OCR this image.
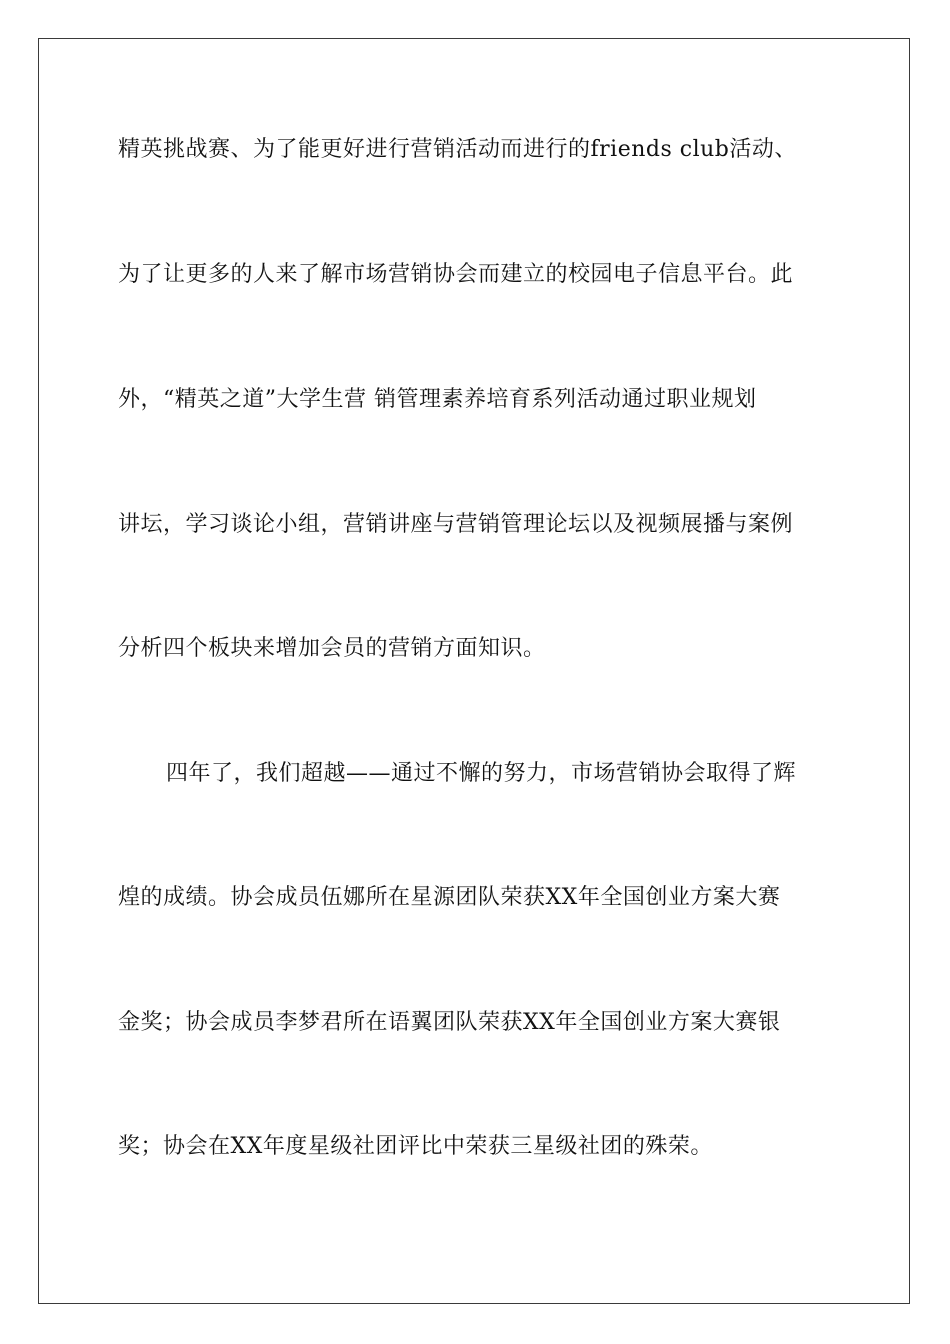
精英挑战赛、为了能更好进行营销活动而进行的friends club活动、
为了让更多的人来了解市场营销协会而建立的校园电子信息平台。此
外，“精英之道”大学生营 销管理素养培育系列活动通过职业规划
讲坛，学习谈论小组，营销讲座与营销管理论坛以及视频展播与案例
分析四个板块来增加会员的营销方面知识。
四年了，我们超越——通过不懈的努力，市场营销协会取得了辉
煌的成绩。协会成员伍娜所在星源团队荣获XX年全国创业方案大赛
金奖；协会成员李梦君所在语翼团队荣获XX年全国创业方案大赛银
奖；协会在XX年度星级社团评比中荣获三星级社团的殊荣。
